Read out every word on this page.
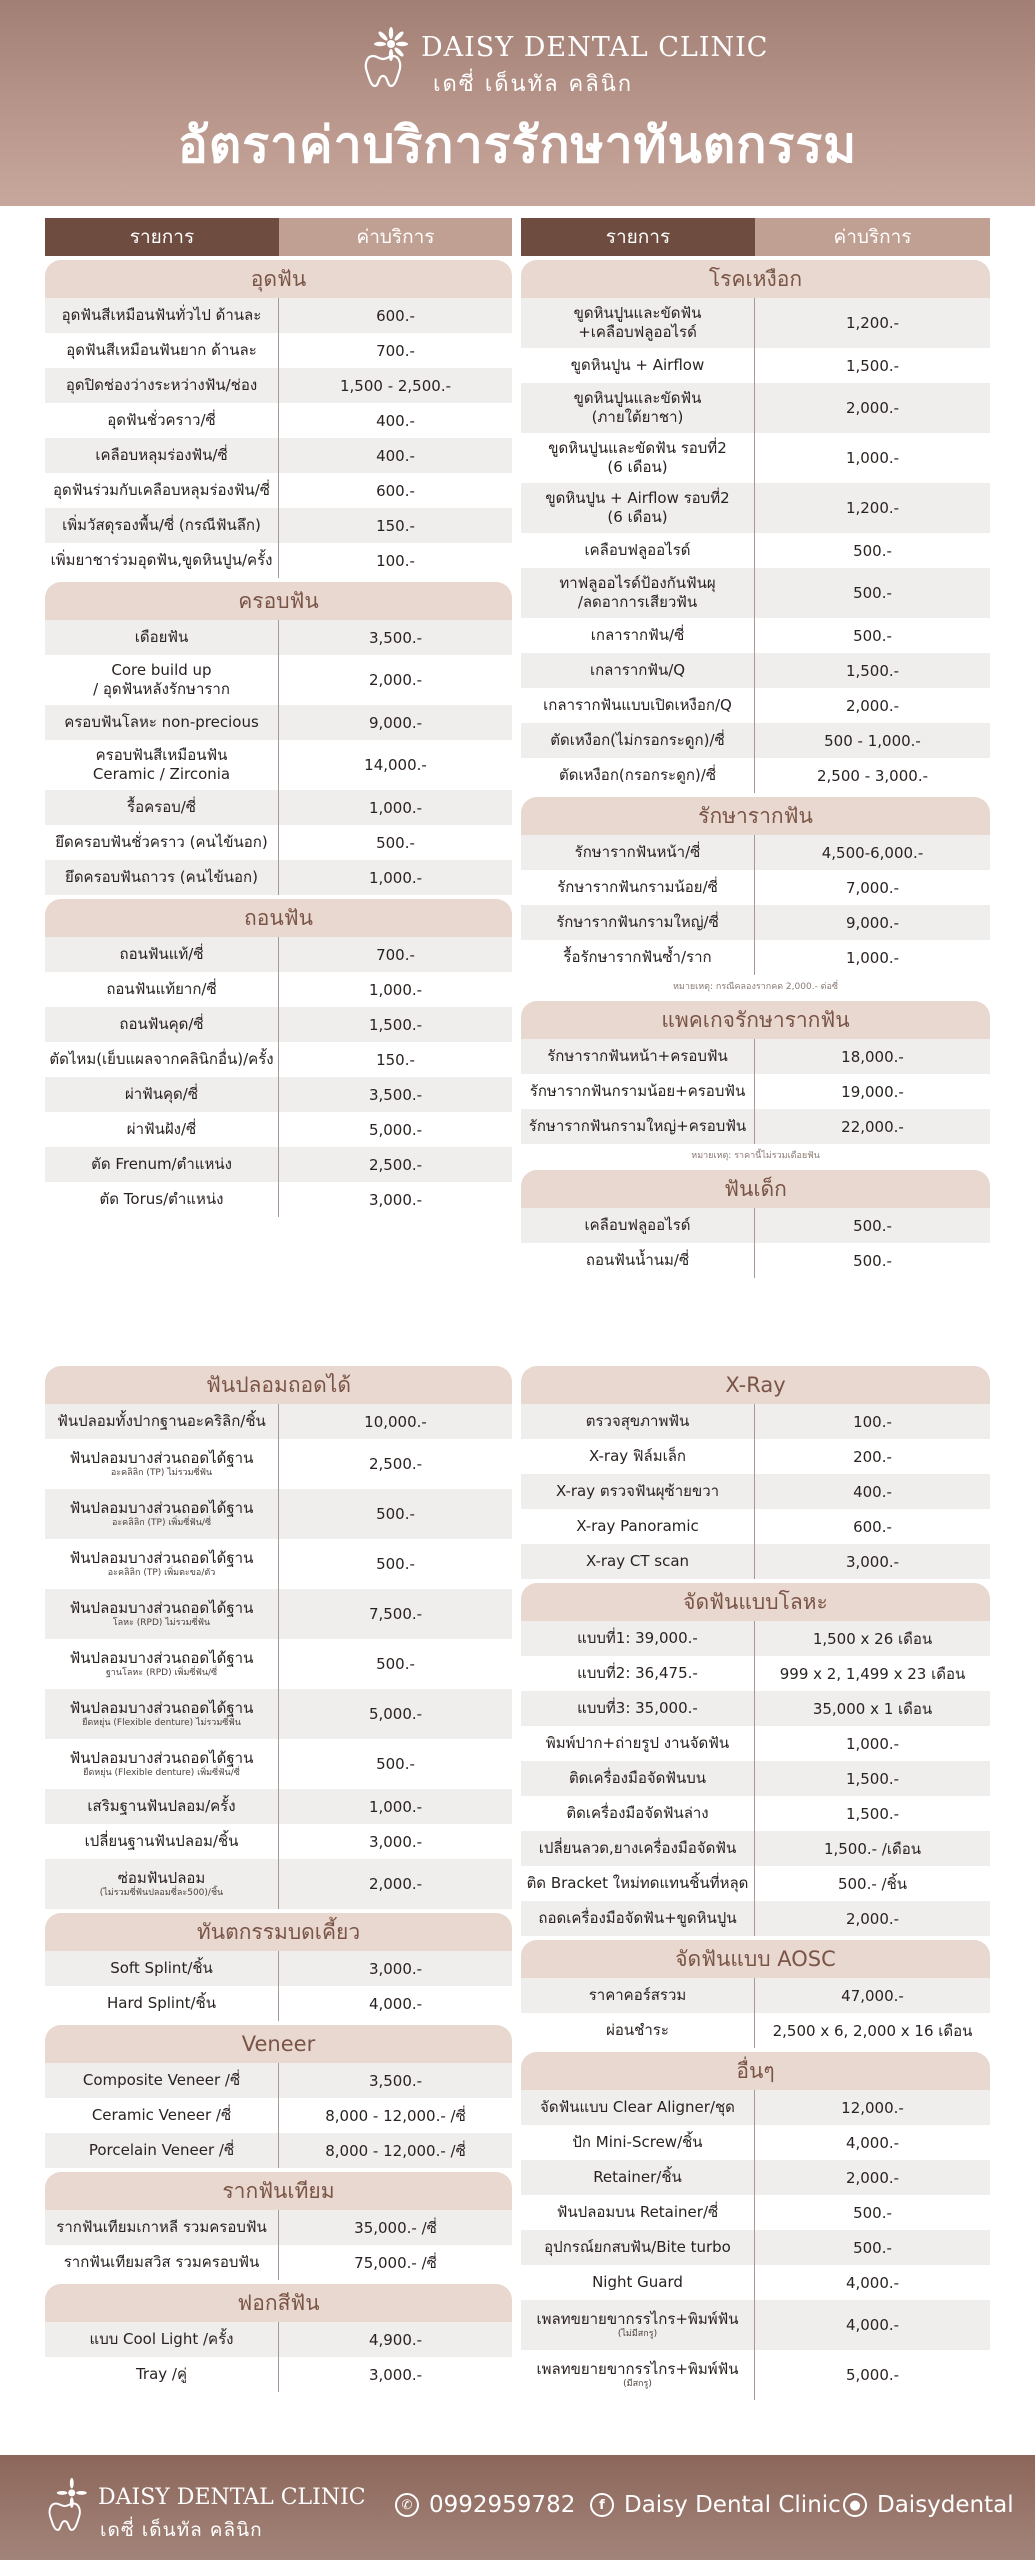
DAISY DENTAL CLINIC
เดซี่ เด็นทัล คลินิก
อัตราค่าบริการรักษาทันตกรรม
รายการ	ค่าบริการ
อุดฟัน
อุดฟันสีเหมือนฟันทั่วไป ด้านละ	600.-
อุดฟันสีเหมือนฟันยาก ด้านละ	700.-
อุดปิดช่องว่างระหว่างฟัน/ช่อง	1,500 - 2,500.-
อุดฟันชั่วคราว/ซี่	400.-
เคลือบหลุมร่องฟัน/ซี่	400.-
อุดฟันร่วมกับเคลือบหลุมร่องฟัน/ซี่	600.-
เพิ่มวัสดุรองพื้น/ซี่ (กรณีฟันลึก)	150.-
เพิ่มยาชาร่วมอุดฟัน,ขูดหินปูน/ครั้ง	100.-
ครอบฟัน
เดือยฟัน	3,500.-
Core build up
/ อุดฟันหลังรักษาราก	2,000.-
ครอบฟันโลหะ non-precious	9,000.-
ครอบฟันสีเหมือนฟัน
Ceramic / Zirconia	14,000.-
รื้อครอบ/ซี่	1,000.-
ยึดครอบฟันชั่วคราว (คนไข้นอก)	500.-
ยึดครอบฟันถาวร (คนไข้นอก)	1,000.-
ถอนฟัน
ถอนฟันแท้/ซี่	700.-
ถอนฟันแท้ยาก/ซี่	1,000.-
ถอนฟันคุด/ซี่	1,500.-
ตัดไหม(เย็บแผลจากคลินิกอื่น)/ครั้ง	150.-
ผ่าฟันคุด/ซี่	3,500.-
ผ่าฟันฝัง/ซี่	5,000.-
ตัด Frenum/ตำแหน่ง	2,500.-
ตัด Torus/ตำแหน่ง	3,000.-
รายการ	ค่าบริการ
โรคเหงือก
ขูดหินปูนและขัดฟัน
+เคลือบฟลูออไรด์	1,200.-
ขูดหินปูน + Airflow	1,500.-
ขูดหินปูนและขัดฟัน
(ภายใต้ยาชา)	2,000.-
ขูดหินปูนและขัดฟัน รอบที่2
(6 เดือน)	1,000.-
ขูดหินปูน + Airflow รอบที่2
(6 เดือน)	1,200.-
เคลือบฟลูออไรด์	500.-
ทาฟลูออไรด์ป้องกันฟันผุ
/ลดอาการเสียวฟัน	500.-
เกลารากฟัน/ซี่	500.-
เกลารากฟัน/Q	1,500.-
เกลารากฟันแบบเปิดเหงือก/Q	2,000.-
ตัดเหงือก(ไม่กรอกระดูก)/ซี่	500 - 1,000.-
ตัดเหงือก(กรอกระดูก)/ซี่	2,500 - 3,000.-
รักษารากฟัน
รักษารากฟันหน้า/ซี่	4,500-6,000.-
รักษารากฟันกรามน้อย/ซี่	7,000.-
รักษารากฟันกรามใหญ่/ซี่	9,000.-
รื้อรักษารากฟันซ้ำ/ราก	1,000.-
หมายเหตุ: กรณีคลองรากคด 2,000.- ต่อซี่
แพคเกจรักษารากฟัน
รักษารากฟันหน้า+ครอบฟัน	18,000.-
รักษารากฟันกรามน้อย+ครอบฟัน	19,000.-
รักษารากฟันกรามใหญ่+ครอบฟัน	22,000.-
หมายเหตุ: ราคานี้ไม่รวมเดือยฟัน
ฟันเด็ก
เคลือบฟลูออไรด์	500.-
ถอนฟันน้ำนม/ซี่	500.-
ฟันปลอมถอดได้
ฟันปลอมทั้งปากฐานอะคริลิก/ชิ้น	10,000.-
ฟันปลอมบางส่วนถอดได้ฐาน
อะคลิลิก (TP) ไม่รวมซี่ฟัน	2,500.-
ฟันปลอมบางส่วนถอดได้ฐาน
อะคลิลิก (TP) เพิ่มซี่ฟัน/ซี่	500.-
ฟันปลอมบางส่วนถอดได้ฐาน
อะคลิลิก (TP) เพิ่มตะขอ/ตัว	500.-
ฟันปลอมบางส่วนถอดได้ฐาน
โลหะ (RPD) ไม่รวมซี่ฟัน	7,500.-
ฟันปลอมบางส่วนถอดได้ฐาน
ฐานโลหะ (RPD) เพิ่มซี่ฟัน/ซี่	500.-
ฟันปลอมบางส่วนถอดได้ฐาน
ยืดหยุ่น (Flexible denture) ไม่รวมซี่ฟัน	5,000.-
ฟันปลอมบางส่วนถอดได้ฐาน
ยืดหยุ่น (Flexible denture) เพิ่มซี่ฟัน/ซี่	500.-
เสริมฐานฟันปลอม/ครั้ง	1,000.-
เปลี่ยนฐานฟันปลอม/ชิ้น	3,000.-
ซ่อมฟันปลอม
(ไม่รวมซี่ฟันปลอมซี่ละ500)/ชิ้น	2,000.-
ทันตกรรมบดเคี้ยว
Soft Splint/ชิ้น	3,000.-
Hard Splint/ชิ้น	4,000.-
Veneer
Composite Veneer /ซี่	3,500.-
Ceramic Veneer /ซี่	8,000 - 12,000.- /ซี่
Porcelain Veneer /ซี่	8,000 - 12,000.- /ซี่
รากฟันเทียม
รากฟันเทียมเกาหลี รวมครอบฟัน	35,000.- /ซี่
รากฟันเทียมสวิส รวมครอบฟัน	75,000.- /ซี่
ฟอกสีฟัน
แบบ Cool Light /ครั้ง	4,900.-
Tray /คู่	3,000.-
X-Ray
ตรวจสุขภาพฟัน	100.-
X-ray ฟิล์มเล็ก	200.-
X-ray ตรวจฟันผุซ้ายขวา	400.-
X-ray Panoramic	600.-
X-ray CT scan	3,000.-
จัดฟันแบบโลหะ
แบบที่1: 39,000.-	1,500 x 26 เดือน
แบบที่2: 36,475.-	999 x 2, 1,499 x 23 เดือน
แบบที่3: 35,000.-	35,000 x 1 เดือน
พิมพ์ปาก+ถ่ายรูป งานจัดฟัน	1,000.-
ติดเครื่องมือจัดฟันบน	1,500.-
ติดเครื่องมือจัดฟันล่าง	1,500.-
เปลี่ยนลวด,ยางเครื่องมือจัดฟัน	1,500.- /เดือน
ติด Bracket ใหม่ทดแทนชิ้นที่หลุด	500.- /ชิ้น
ถอดเครื่องมือจัดฟัน+ขูดหินปูน	2,000.-
จัดฟันแบบ AOSC
ราคาคอร์สรวม	47,000.-
ผ่อนชำระ	2,500 x 6, 2,000 x 16 เดือน
อื่นๆ
จัดฟันแบบ Clear Aligner/ชุด	12,000.-
ปัก Mini-Screw/ชิ้น	4,000.-
Retainer/ชิ้น	2,000.-
ฟันปลอมบน Retainer/ซี่	500.-
อุปกรณ์ยกสบฟัน/Bite turbo	500.-
Night Guard	4,000.-
เพลทขยายขากรรไกร+พิมพ์ฟัน
(ไม่มีสกรู)	4,000.-
เพลทขยายขากรรไกร+พิมพ์ฟัน
(มีสกรู)	5,000.-
DAISY DENTAL CLINIC
เดซี่ เด็นทัล คลินิก
✆ 0992959782	f Daisy Dental Clinic ● Daisydental
